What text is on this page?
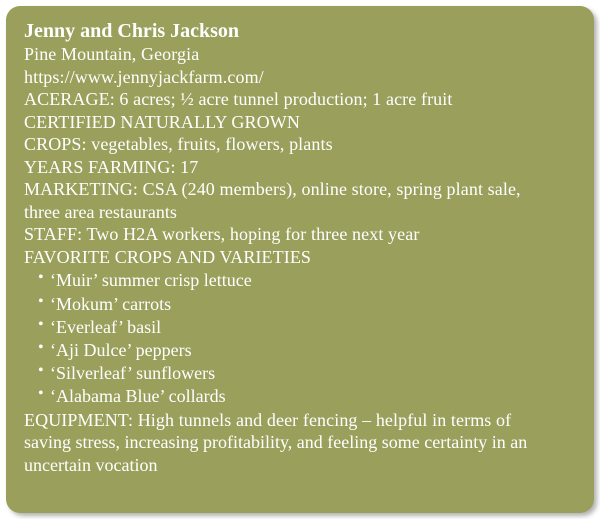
Jenny and Chris Jackson
Pine Mountain, Georgia
https://www.jennyjackfarm.com/
ACERAGE: 6 acres; ½ acre tunnel production; 1 acre fruit
CERTIFIED NATURALLY GROWN
CROPS: vegetables, fruits, flowers, plants
YEARS FARMING: 17
MARKETING: CSA (240 members), online store, spring plant sale,
three area restaurants
STAFF: Two H2A workers, hoping for three next year
FAVORITE CROPS AND VARIETIES
• ‘Muir’ summer crisp lettuce
• ‘Mokum’ carrots
• ‘Everleaf’ basil
• ‘Aji Dulce’ peppers
• ‘Silverleaf’ sunflowers
• ‘Alabama Blue’ collards
EQUIPMENT: High tunnels and deer fencing – helpful in terms of
saving stress, increasing profitability, and feeling some certainty in an
uncertain vocation
